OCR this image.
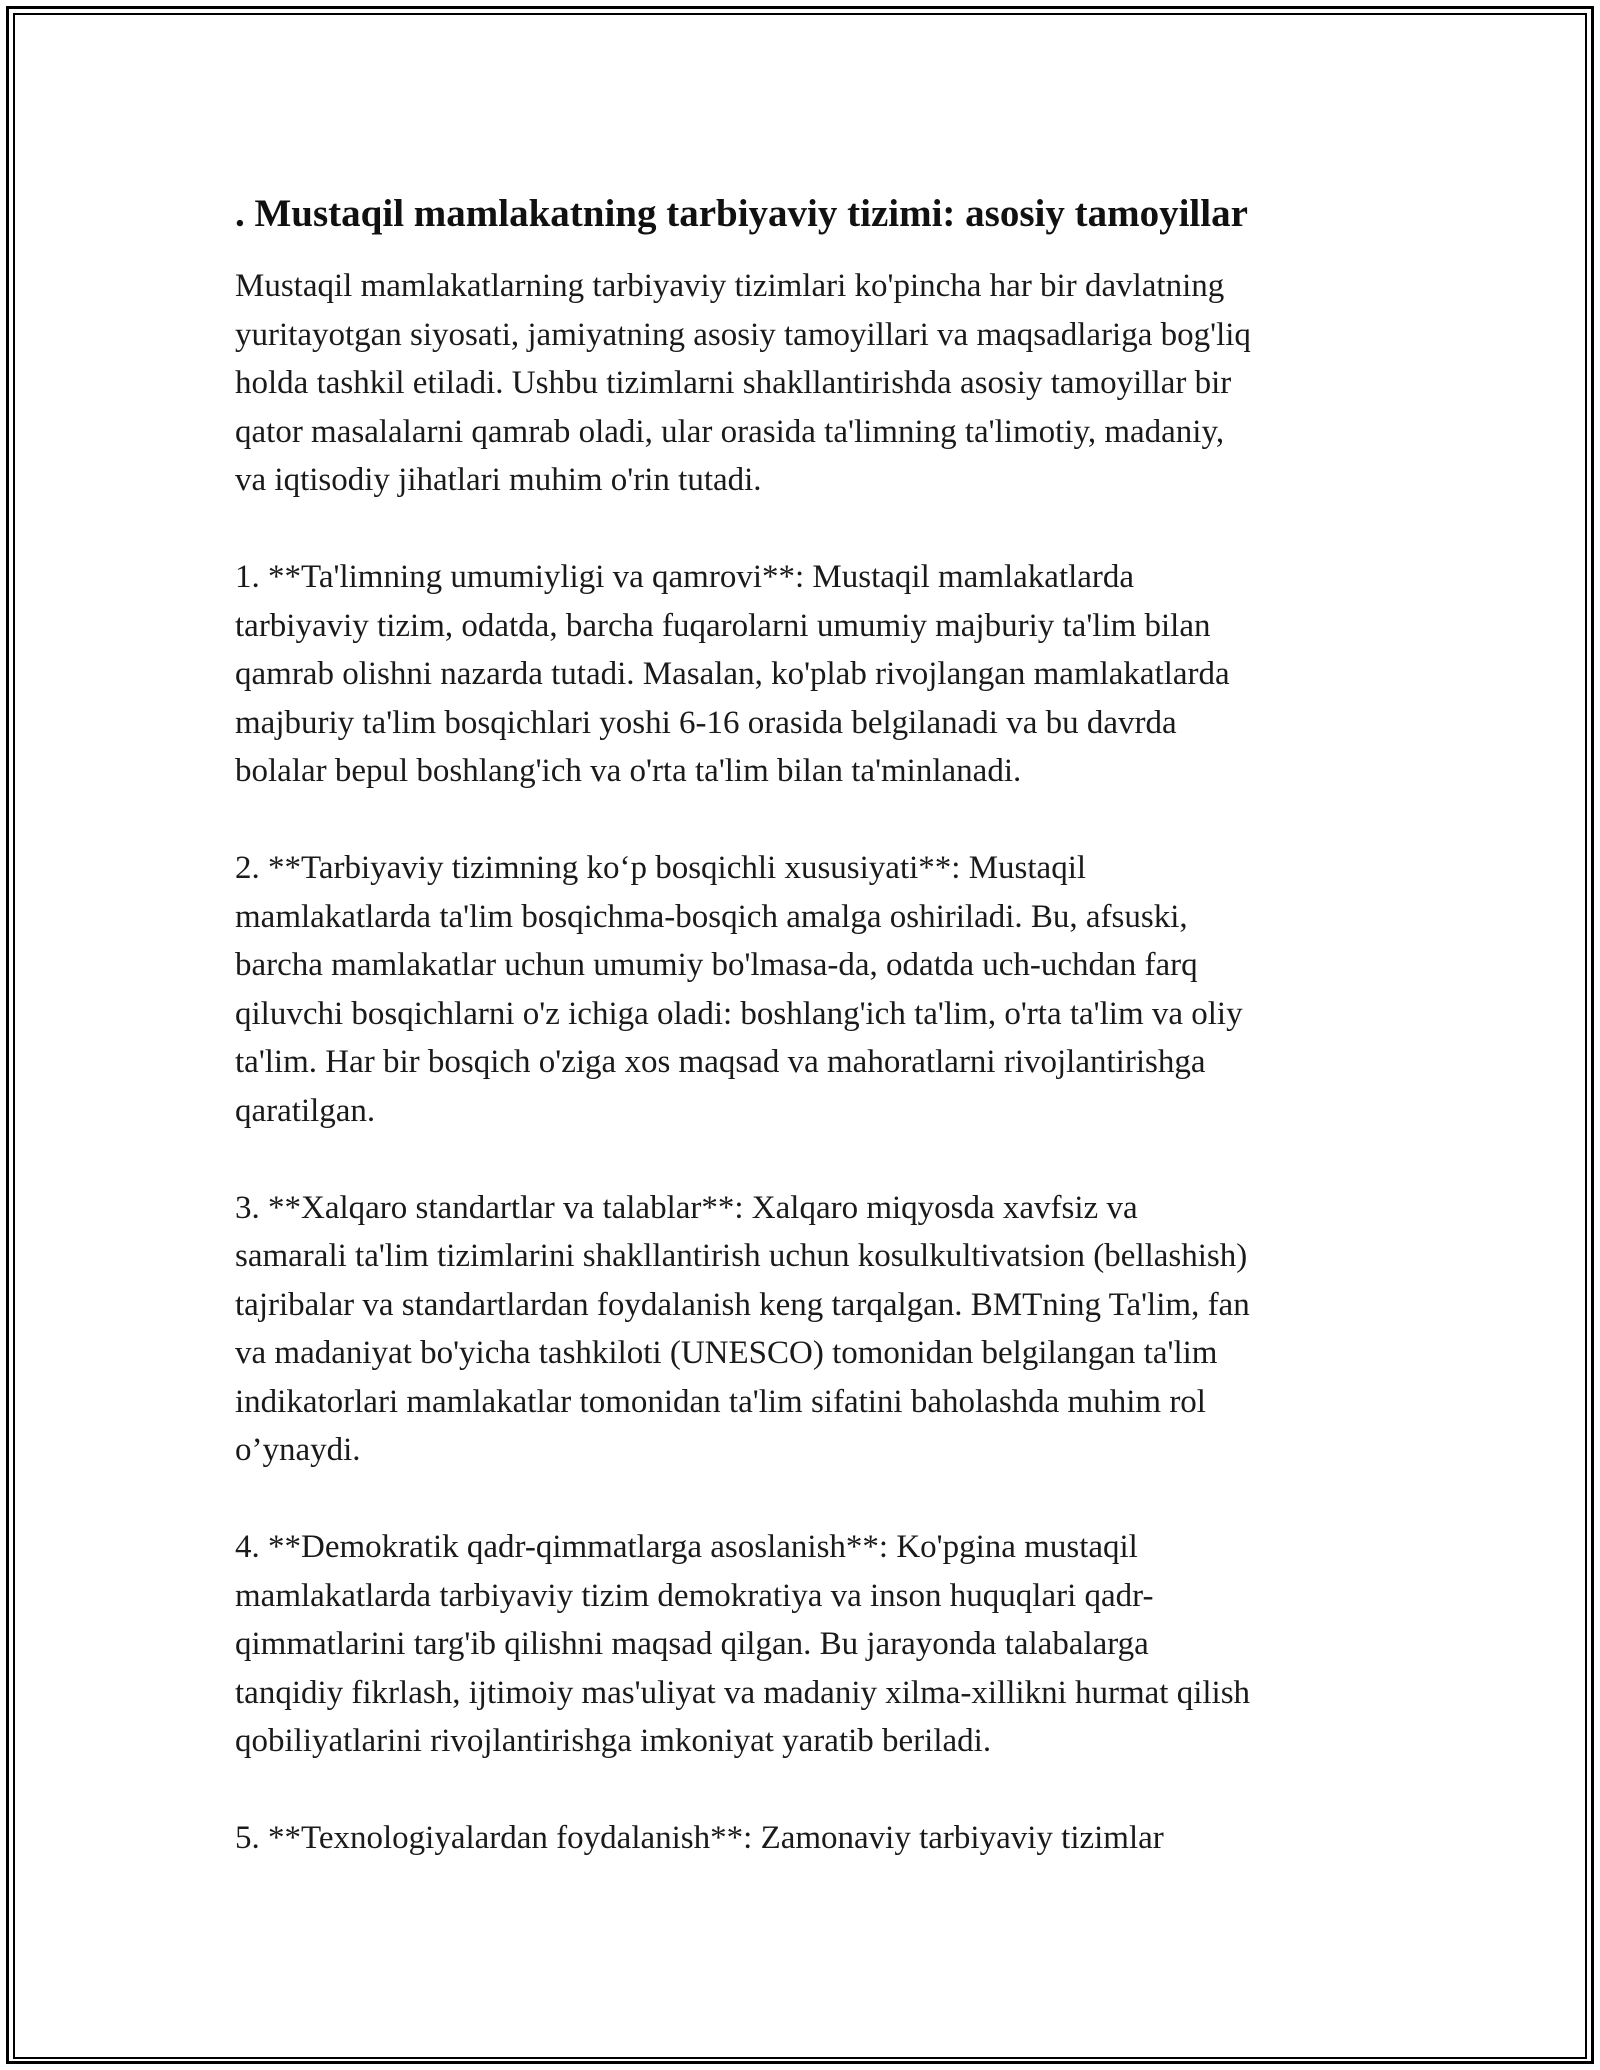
. Mustaqil mamlakatning tarbiyaviy tizimi: asosiy tamoyillar

Mustaqil mamlakatlarning tarbiyaviy tizimlari ko'pincha har bir davlatning
yuritayotgan siyosati, jamiyatning asosiy tamoyillari va maqsadlariga bog'liq
holda tashkil etiladi. Ushbu tizimlarni shakllantirishda asosiy tamoyillar bir
qator masalalarni qamrab oladi, ular orasida ta'limning ta'limotiy, madaniy,
va iqtisodiy jihatlari muhim o'rin tutadi.

1. **Ta'limning umumiyligi va qamrovi**: Mustaqil mamlakatlarda
tarbiyaviy tizim, odatda, barcha fuqarolarni umumiy majburiy ta'lim bilan
qamrab olishni nazarda tutadi. Masalan, ko'plab rivojlangan mamlakatlarda
majburiy ta'lim bosqichlari yoshi 6-16 orasida belgilanadi va bu davrda
bolalar bepul boshlang'ich va o'rta ta'lim bilan ta'minlanadi.

2. **Tarbiyaviy tizimning ko‘p bosqichli xususiyati**: Mustaqil
mamlakatlarda ta'lim bosqichma-bosqich amalga oshiriladi. Bu, afsuski,
barcha mamlakatlar uchun umumiy bo'lmasa-da, odatda uch-uchdan farq
qiluvchi bosqichlarni o'z ichiga oladi: boshlang'ich ta'lim, o'rta ta'lim va oliy
ta'lim. Har bir bosqich o'ziga xos maqsad va mahoratlarni rivojlantirishga
qaratilgan.

3. **Xalqaro standartlar va talablar**: Xalqaro miqyosda xavfsiz va
samarali ta'lim tizimlarini shakllantirish uchun kosulkultivatsion (bellashish)
tajribalar va standartlardan foydalanish keng tarqalgan. BMTning Ta'lim, fan
va madaniyat bo'yicha tashkiloti (UNESCO) tomonidan belgilangan ta'lim
indikatorlari mamlakatlar tomonidan ta'lim sifatini baholashda muhim rol
o’ynaydi.

4. **Demokratik qadr-qimmatlarga asoslanish**: Ko'pgina mustaqil
mamlakatlarda tarbiyaviy tizim demokratiya va inson huquqlari qadr-
qimmatlarini targ'ib qilishni maqsad qilgan. Bu jarayonda talabalarga
tanqidiy fikrlash, ijtimoiy mas'uliyat va madaniy xilma-xillikni hurmat qilish
qobiliyatlarini rivojlantirishga imkoniyat yaratib beriladi.

5. **Texnologiyalardan foydalanish**: Zamonaviy tarbiyaviy tizimlar
